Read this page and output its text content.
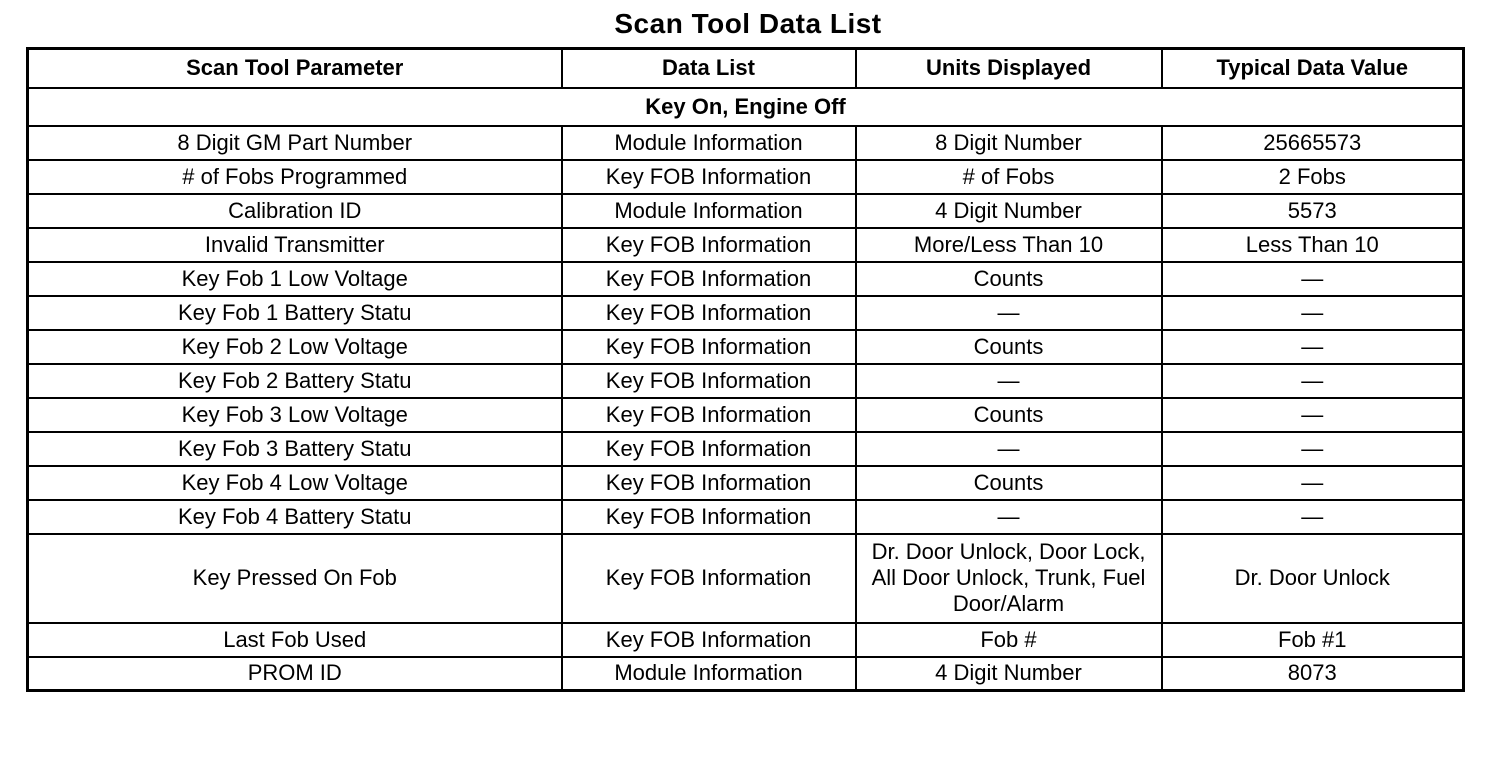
Scan Tool Data List
Scan Tool Parameter	Data List	Units Displayed	Typical Data Value
Key On, Engine Off			
8 Digit GM Part Number	Module Information	8 Digit Number	25665573
# of Fobs Programmed	Key FOB Information	# of Fobs	2 Fobs
Calibration ID	Module Information	4 Digit Number	5573
Invalid Transmitter	Key FOB Information	More/Less Than 10	Less Than 10
Key Fob 1 Low Voltage	Key FOB Information	Counts	—
Key Fob 1 Battery Statu	Key FOB Information	—	—
Key Fob 2 Low Voltage	Key FOB Information	Counts	—
Key Fob 2 Battery Statu	Key FOB Information	—	—
Key Fob 3 Low Voltage	Key FOB Information	Counts	—
Key Fob 3 Battery Statu	Key FOB Information	—	—
Key Fob 4 Low Voltage	Key FOB Information	Counts	—
Key Fob 4 Battery Statu	Key FOB Information	—	—
Key Pressed On Fob	Key FOB Information	Dr. Door Unlock, Door Lock, All Door Unlock, Trunk, Fuel Door/Alarm	Dr. Door Unlock
Last Fob Used	Key FOB Information	Fob #	Fob #1
PROM ID	Module Information	4 Digit Number	8073
